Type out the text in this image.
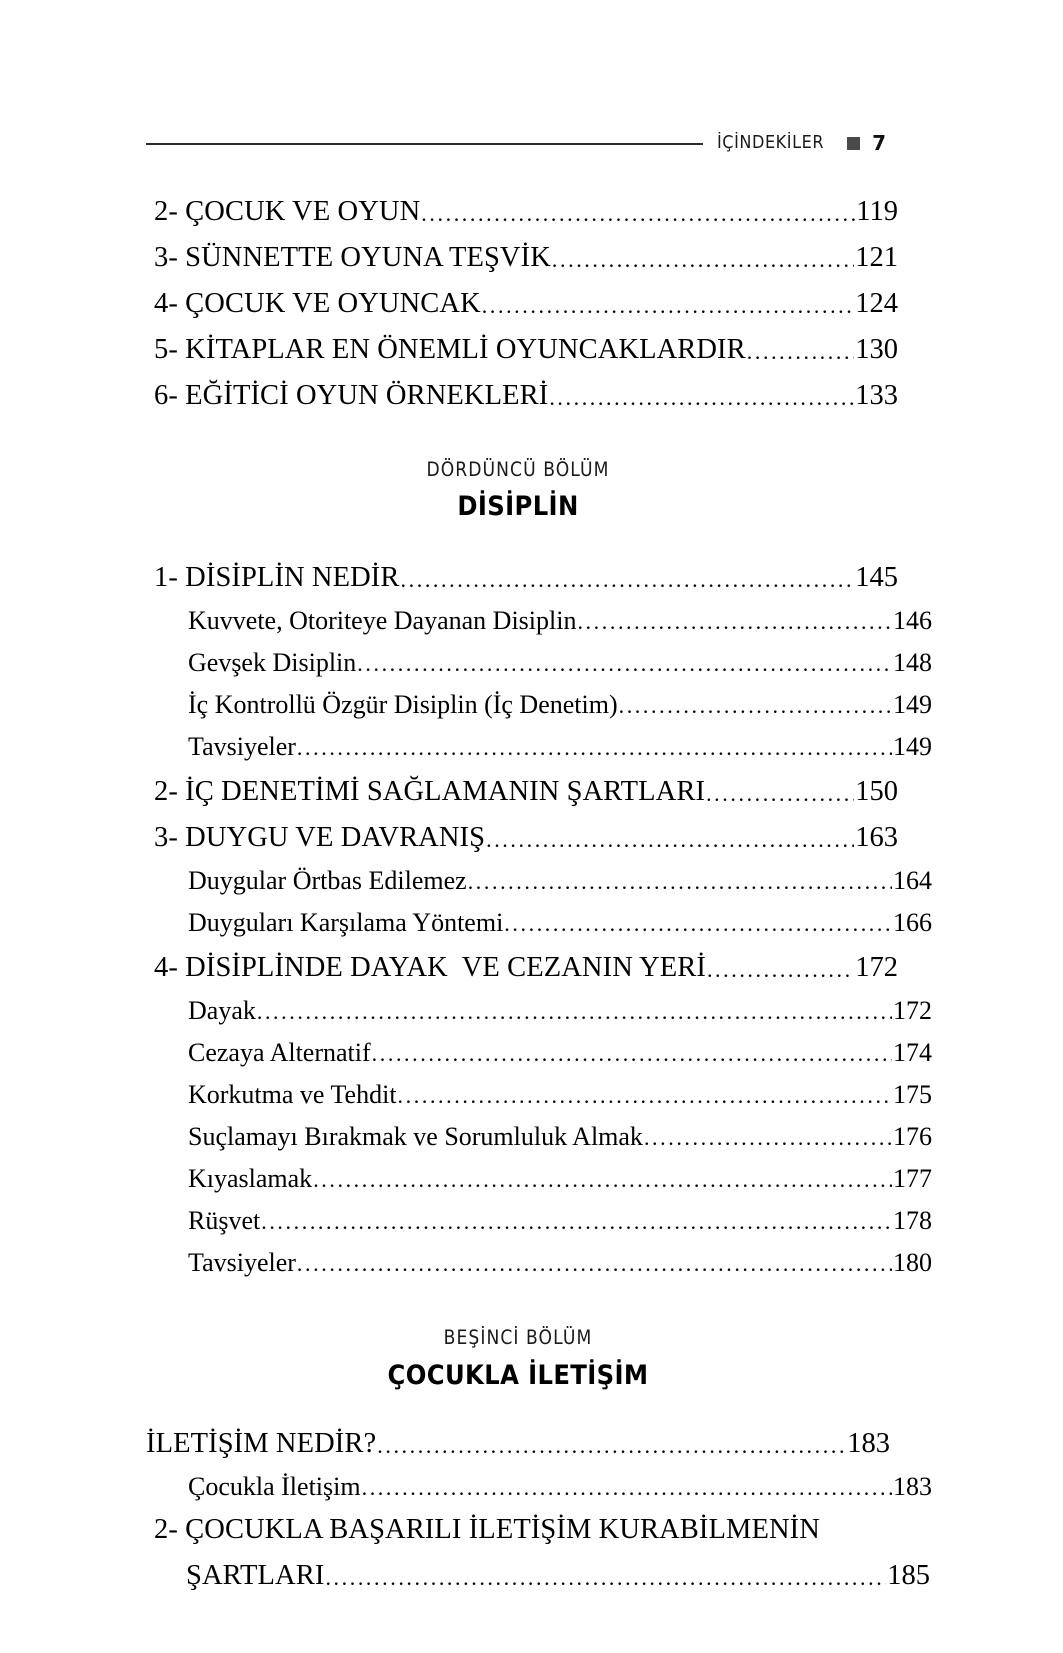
İÇİNDEKİLER 7
2- ÇOCUK VE OYUN .....	119
3- SÜNNETTE OYUNA TEŞVİK .....	121
4- ÇOCUK VE OYUNCAK .....	124
5- KİTAPLAR EN ÖNEMLİ OYUNCAKLARDIR .....	130
6- EĞİTİCİ OYUN ÖRNEKLERİ .....	133
DÖRDÜNCÜ BÖLÜM
DİSİPLİN
1- DİSİPLİN NEDİR .....	145
Kuvvete, Otoriteye Dayanan Disiplin .....	146
Gevşek Disiplin .....	148
İç Kontrollü Özgür Disiplin (İç Denetim) .....	149
Tavsiyeler .....	149
2- İÇ DENETİMİ SAĞLAMANIN ŞARTLARI .....	150
3- DUYGU VE DAVRANIŞ .....	163
Duygular Örtbas Edilemez .....	164
Duyguları Karşılama Yöntemi .....	166
4- DİSİPLİNDE DAYAK  VE CEZANIN YERİ .....	172
Dayak .....	172
Cezaya Alternatif .....	174
Korkutma ve Tehdit .....	175
Suçlamayı Bırakmak ve Sorumluluk Almak .....	176
Kıyaslamak .....	177
Rüşvet .....	178
Tavsiyeler .....	180
BEŞİNCİ BÖLÜM
ÇOCUKLA İLETİŞİM
İLETİŞİM NEDİR? .....	183
Çocukla İletişim .....	183
2- ÇOCUKLA BAŞARILI İLETİŞİM KURABİLMENİN
ŞARTLARI .....	185
